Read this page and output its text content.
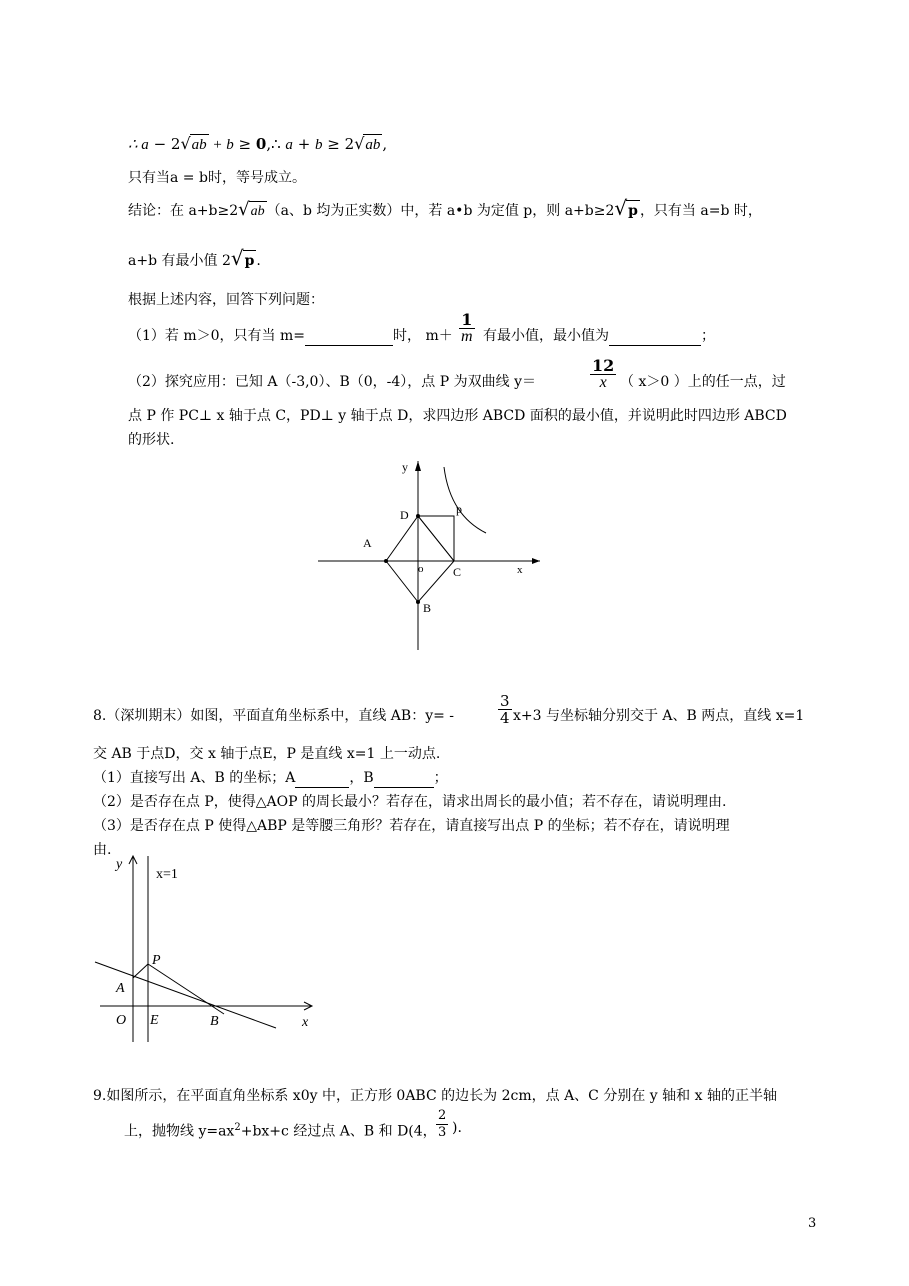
∴ a − 2√ab + b ≥ 0,∴ a + b ≥ 2√ab ,
只有当a = b时，等号成立。
结论：在 a+b≥2√ab （a、b 均为正实数）中，若 a•b 为定值 p，则 a+b≥2√p ，只有当 a=b 时，
a+b 有最小值 2√p .
根据上述内容，回答下列问题：
（1）若 m＞0，只有当 m=	时， $m+ \frac{1}{m}$ 有最小值，最小值为	；
（2）探究应用：已知 A（-3,0）、B（0，-4），点 P 为双曲线 y＝	$\frac{12}{x}$ （ x＞0 ）上的任一点，过
点 P 作 PC⊥ x 轴于点 C，PD⊥ y 轴于点 D，求四边形 ABCD 面积的最小值，并说明此时四边形 ABCD
的形状.
y
D	p
A
o C	x
B
8.（深圳期末）如图，平面直角坐标系中，直线 AB：y= -	$\frac{3}{4} x+3$ 与坐标轴分别交于 A、B 两点，直线 x=1
交 AB 于点D，交 x 轴于点E，P 是直线 x=1 上一动点.
（1）直接写出 A、B 的坐标；A	，B	；
（2）是否存在点 P，使得△AOP 的周长最小？若存在，请求出周长的最小值；若不存在，请说明理由.
（3）是否存在点 P 使得△ABP 是等腰三角形？若存在，请直接写出点 P 的坐标；若不存在，请说明理
由.
y
x=1
P
A
O E	B	x
9.如图所示，在平面直角坐标系 x0y 中，正方形 0ABC 的边长为 2cm，点 A、C 分别在 y 轴和 x 轴的正半轴
上，抛物线 $y=ax^2+bx+c$ 经过点 A、B 和 D(4， $\frac{2}{3}$ ).
3
